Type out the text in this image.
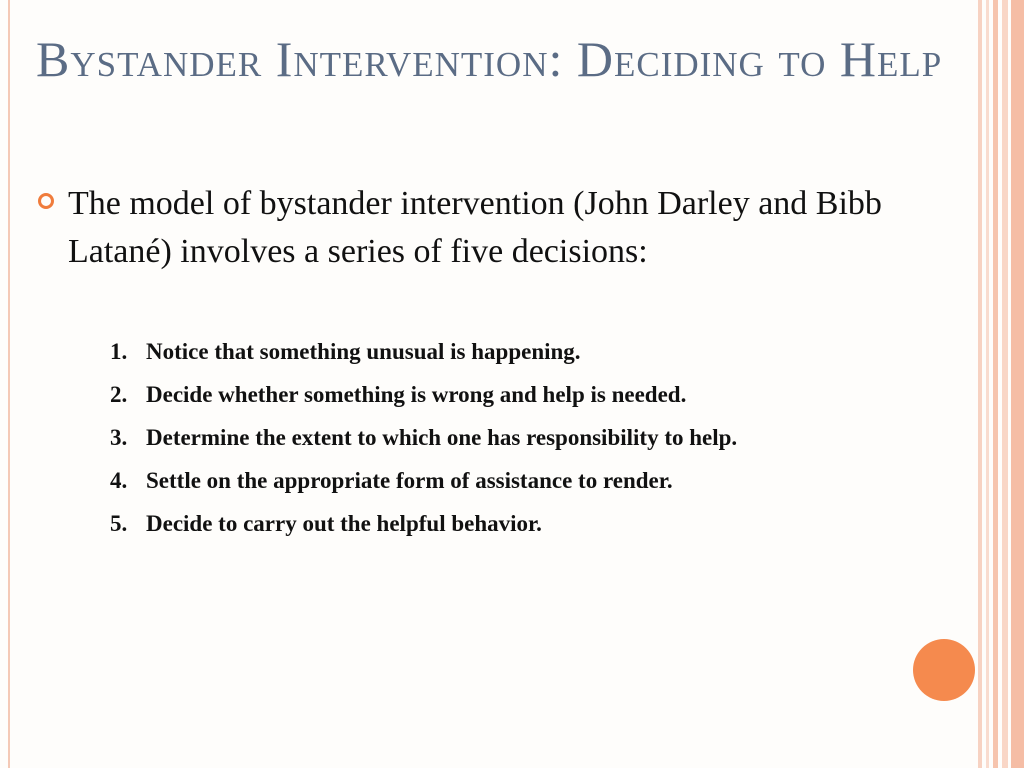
Bystander Intervention: Deciding to Help

The model of bystander intervention (John Darley and Bibb Latané) involves a series of five decisions:

1. Notice that something unusual is happening.
2. Decide whether something is wrong and help is needed.
3. Determine the extent to which one has responsibility to help.
4. Settle on the appropriate form of assistance to render.
5. Decide to carry out the helpful behavior.
